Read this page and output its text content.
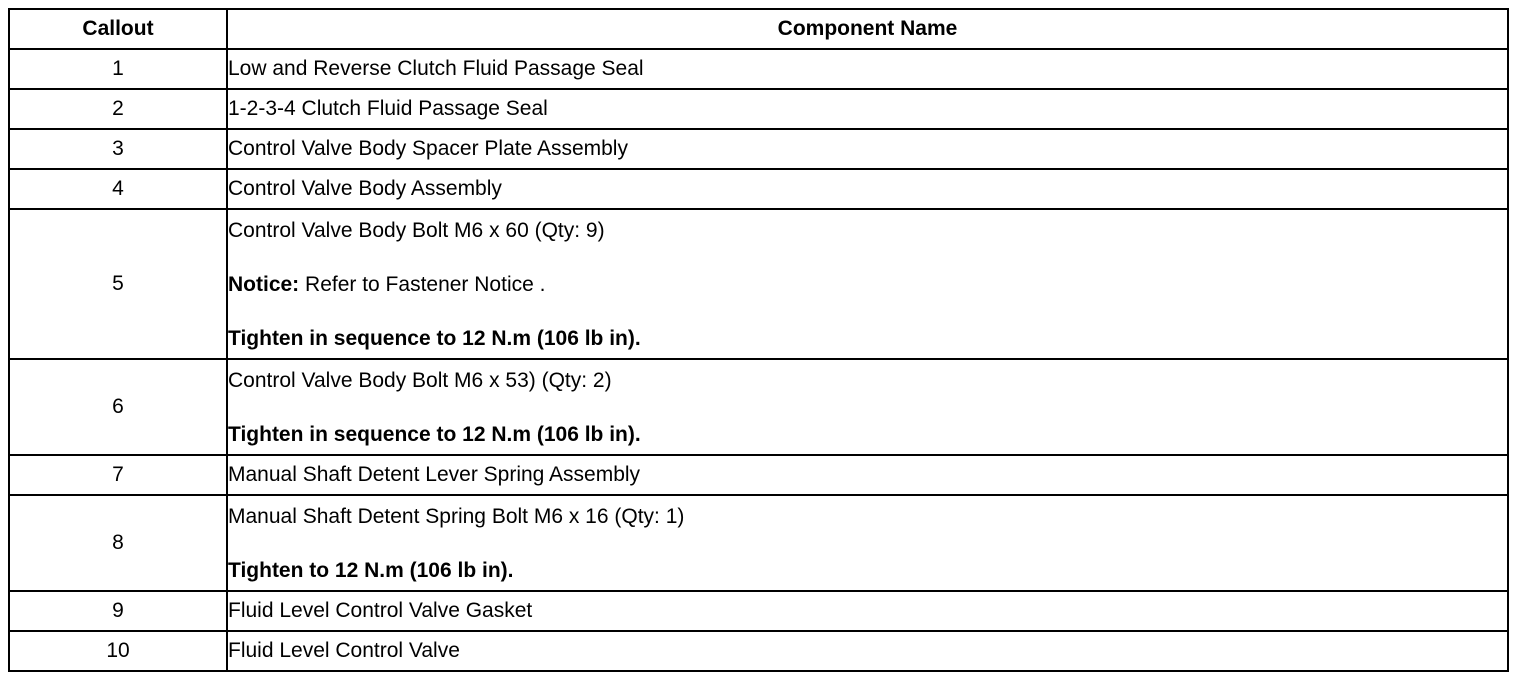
Callout	Component Name
1	Low and Reverse Clutch Fluid Passage Seal
2	1-2-3-4 Clutch Fluid Passage Seal
3	Control Valve Body Spacer Plate Assembly
4	Control Valve Body Assembly
5	Control Valve Body Bolt M6 x 60 (Qty: 9)
Notice: Refer to Fastener Notice .
Tighten in sequence to 12 N.m (106 lb in).

6	Control Valve Body Bolt M6 x 53) (Qty: 2)
Tighten in sequence to 12 N.m (106 lb in).

7	Manual Shaft Detent Lever Spring Assembly
8	Manual Shaft Detent Spring Bolt M6 x 16 (Qty: 1)
Tighten to 12 N.m (106 lb in).

9	Fluid Level Control Valve Gasket
10	Fluid Level Control Valve
